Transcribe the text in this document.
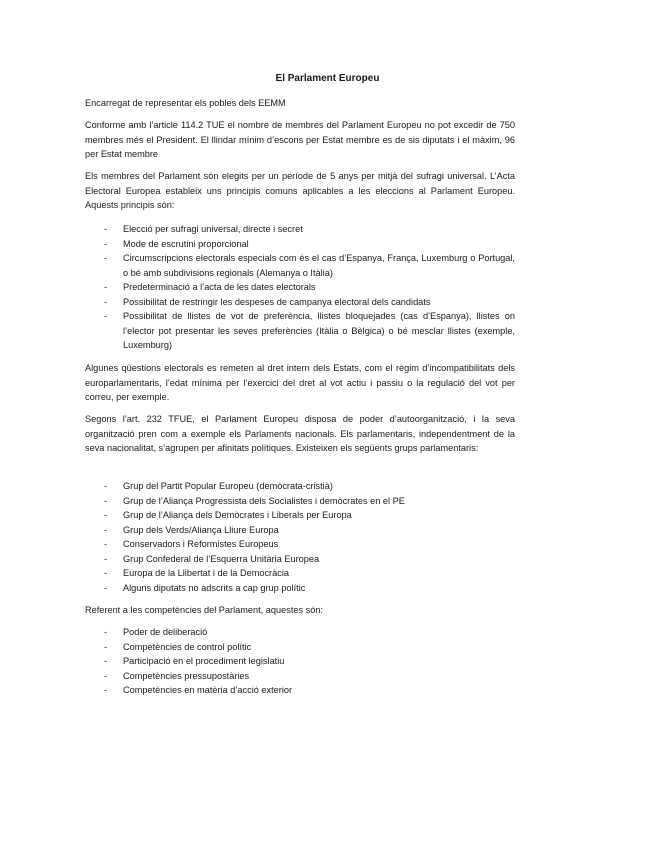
El Parlament Europeu

Encarregat de representar els pobles dels EEMM

Conforme amb l’article 114.2 TUE el nombre de membres del Parlament Europeu no pot excedir de 750 membres més el President. El llindar mínim d’escons per Estat membre es de sis diputats i el màxim, 96 per Estat membre

Els membres del Parlament són elegits per un període de 5 anys per mitjà del sufragi universal. L’Acta Electoral Europea estableix uns principis comuns aplicables a les eleccions al Parlament Europeu. Aquests principis són:

- Elecció per sufragi universal, directe i secret
- Mode de escrutini proporcional
- Circumscripcions electorals especials com és el cas d’Espanya, França, Luxemburg o Portugal, o bé amb subdivisions regionals (Alemanya o Itàlia)
- Predeterminació a l’acta de les dates electorals
- Possibilitat de restringir les despeses de campanya electoral dels candidats
- Possibilitat de llistes de vot de preferència, llistes bloquejades (cas d’Espanya), llistes on l’elector pot presentar les seves preferències (Itàlia o Bèlgica) o bé mesclar llistes (exemple, Luxemburg)

Algunes qüestions electorals es remeten al dret intern dels Estats, com el règim d’incompatibilitats dels europarlamentaris, l’edat mínima per l’exercici del dret al vot actiu i passiu o la regulació del vot per correu, per exemple.

Segons l’art. 232 TFUE, el Parlament Europeu disposa de poder d’autoorganització, i la seva organització pren com a exemple els Parlaments nacionals. Els parlamentaris, independentment de la seva nacionalitat, s’agrupen per afinitats polítiques. Existeixen els següents grups parlamentaris:

- Grup del Partit Popular Europeu (demòcrata-cristià)
- Grup de l’Aliança Progressista dels Socialistes i demòcrates en el PE
- Grup de l’Aliança dels Demòcrates i Liberals per Europa
- Grup dels Verds/Aliança Lliure Europa
- Conservadors i Reformistes Europeus
- Grup Confederal de l’Esquerra Unitària Europea
- Europa de la Llibertat i de la Democràcia
- Alguns diputats no adscrits a cap grup polític

Referent a les competències del Parlament, aquestes són:

- Poder de deliberació
- Competències de control polític
- Participació en el procediment legislatiu
- Competències pressupostàries
- Competències en matèria d’acció exterior
